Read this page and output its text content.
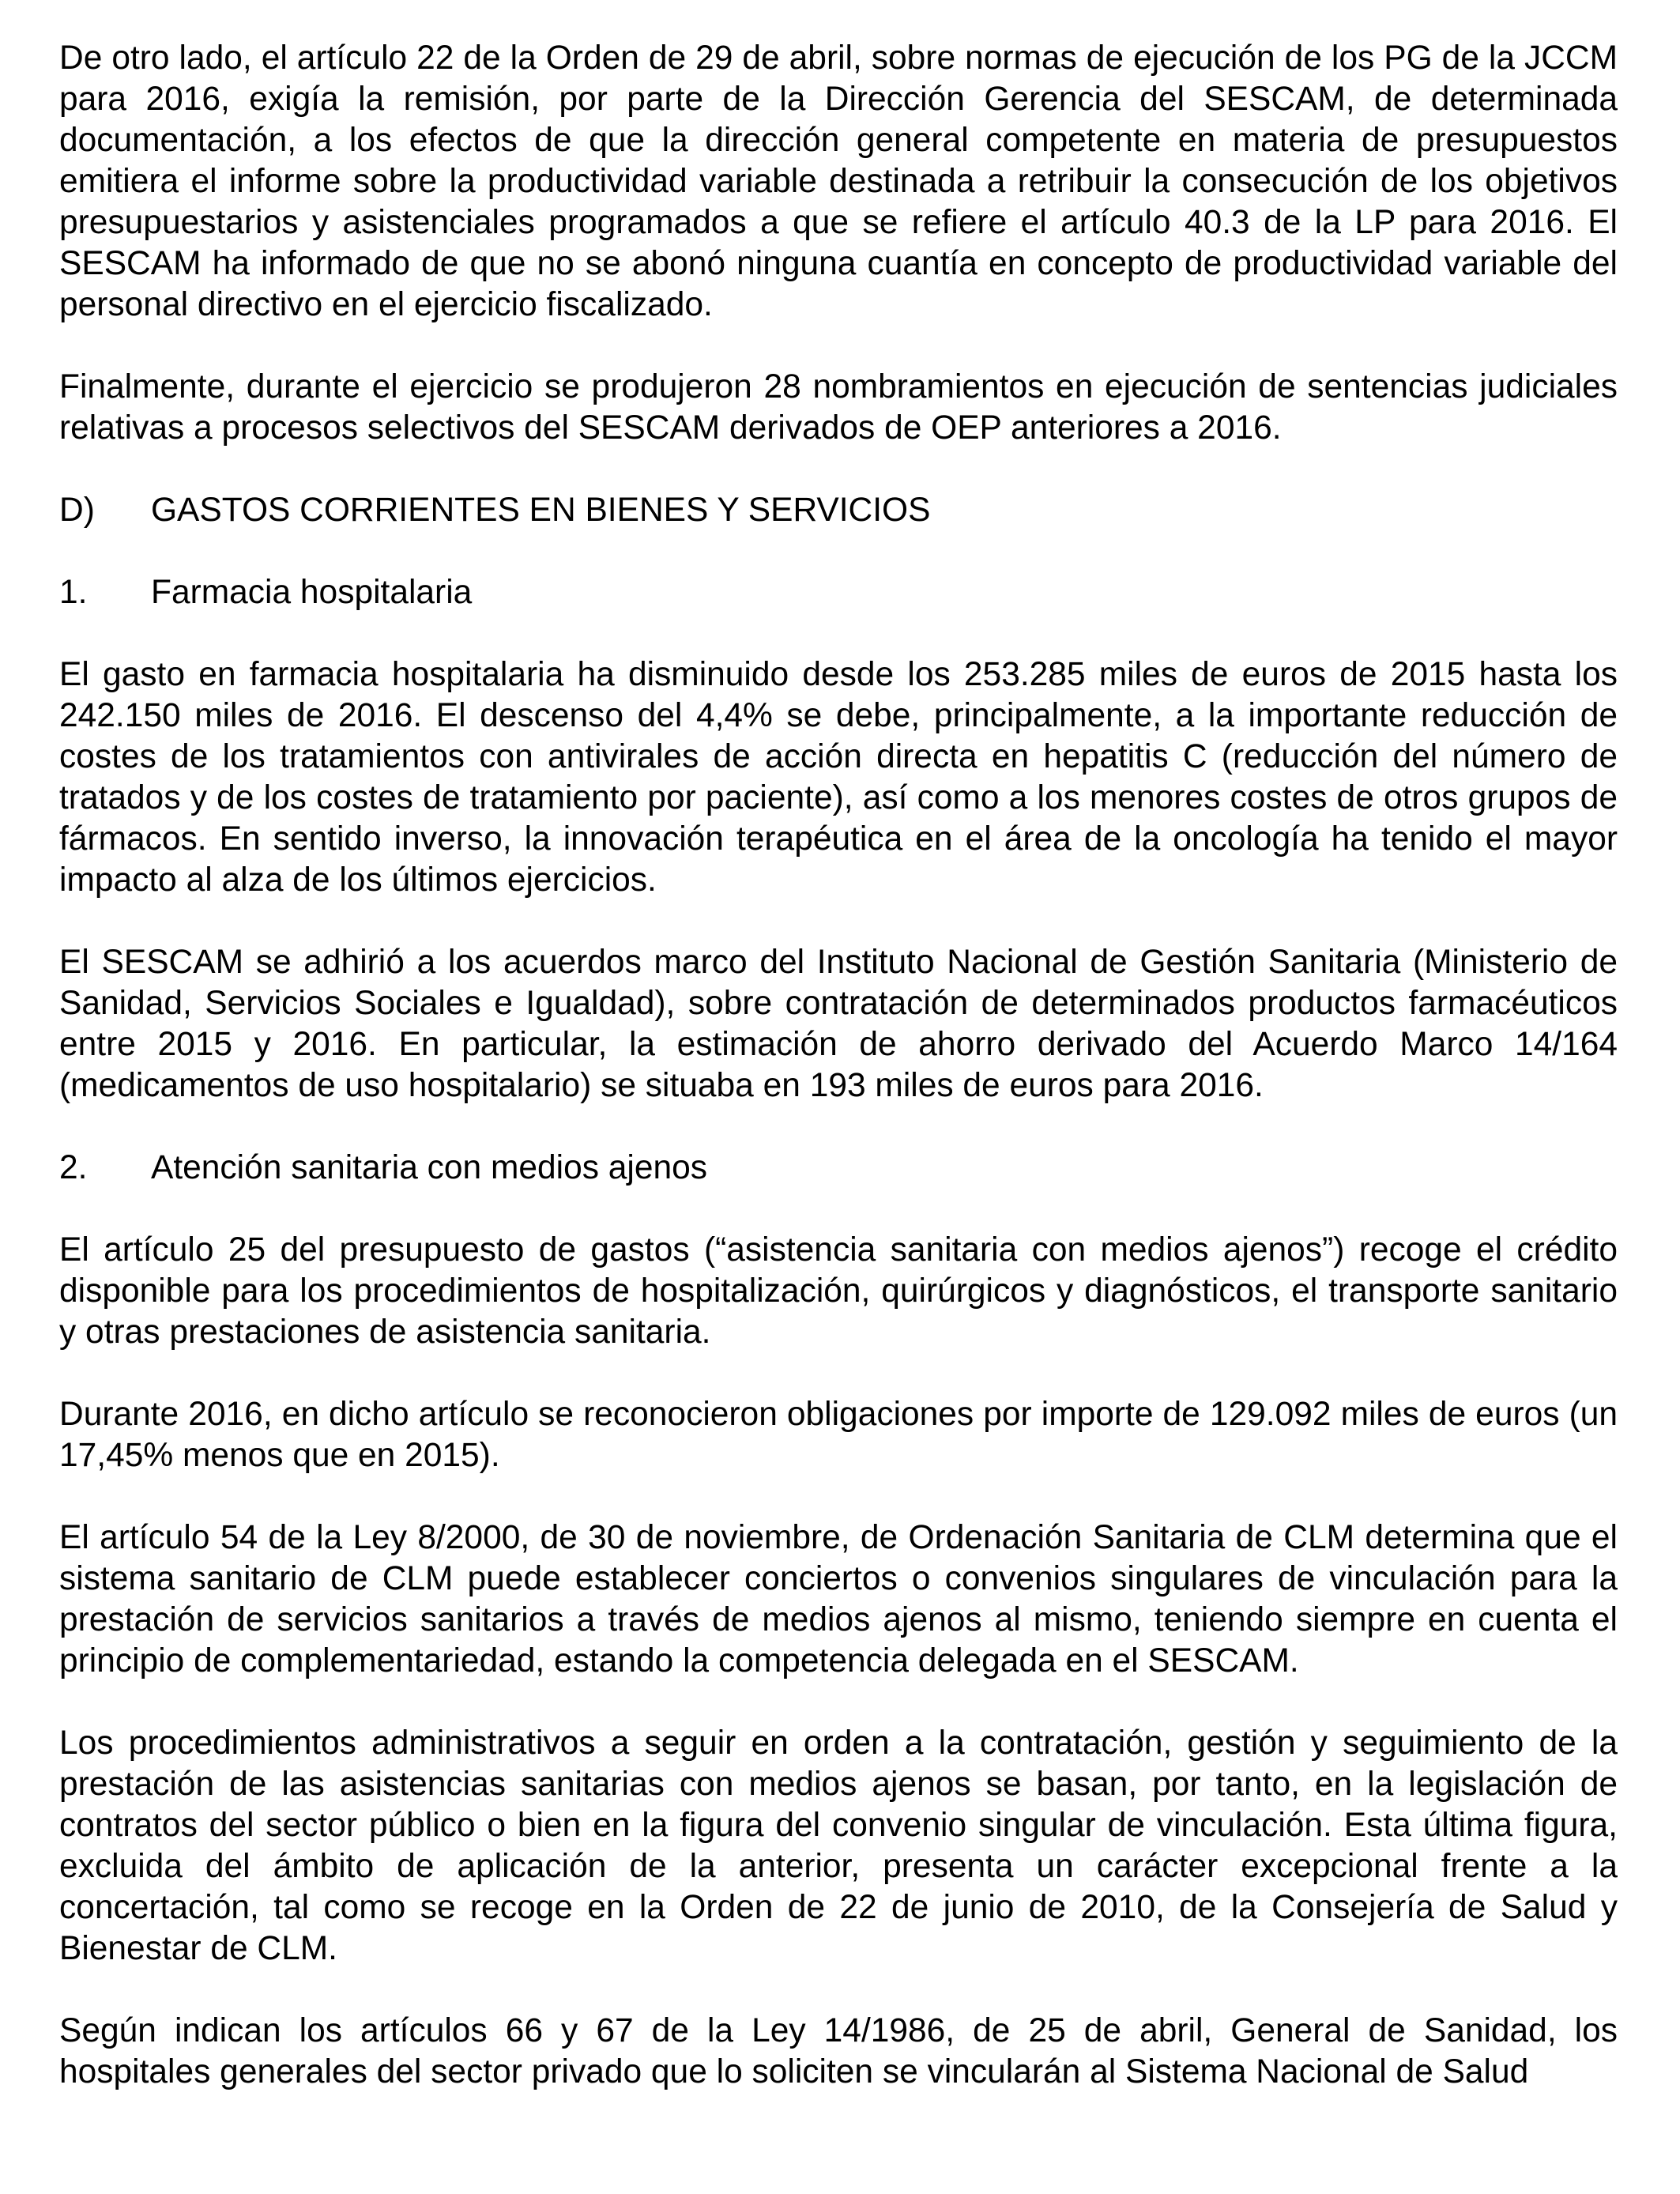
De otro lado, el artículo 22 de la Orden de 29 de abril, sobre normas de ejecución de los PG de la JCCM para 2016, exigía la remisión, por parte de la Dirección Gerencia del SESCAM, de determinada documentación, a los efectos de que la dirección general competente en materia de presupuestos emitiera el informe sobre la productividad variable destinada a retribuir la consecución de los objetivos presupuestarios y asistenciales programados a que se refiere el artículo 40.3 de la LP para 2016. El SESCAM ha informado de que no se abonó ninguna cuantía en concepto de productividad variable del personal directivo en el ejercicio fiscalizado.

Finalmente, durante el ejercicio se produjeron 28 nombramientos en ejecución de sentencias judiciales relativas a procesos selectivos del SESCAM derivados de OEP anteriores a 2016.

D)	GASTOS CORRIENTES EN BIENES Y SERVICIOS
1.	Farmacia hospitalaria

El gasto en farmacia hospitalaria ha disminuido desde los 253.285 miles de euros de 2015 hasta los 242.150 miles de 2016. El descenso del 4,4% se debe, principalmente, a la importante reducción de costes de los tratamientos con antivirales de acción directa en hepatitis C (reducción del número de tratados y de los costes de tratamiento por paciente), así como a los menores costes de otros grupos de fármacos. En sentido inverso, la innovación terapéutica en el área de la oncología ha tenido el mayor impacto al alza de los últimos ejercicios.

El SESCAM se adhirió a los acuerdos marco del Instituto Nacional de Gestión Sanitaria (Ministerio de Sanidad, Servicios Sociales e Igualdad), sobre contratación de determinados productos farmacéuticos entre 2015 y 2016. En particular, la estimación de ahorro derivado del Acuerdo Marco 14/164 (medicamentos de uso hospitalario) se situaba en 193 miles de euros para 2016.

2.	Atención sanitaria con medios ajenos

El artículo 25 del presupuesto de gastos (“asistencia sanitaria con medios ajenos”) recoge el crédito disponible para los procedimientos de hospitalización, quirúrgicos y diagnósticos, el transporte sanitario y otras prestaciones de asistencia sanitaria.

Durante 2016, en dicho artículo se reconocieron obligaciones por importe de 129.092 miles de euros (un 17,45% menos que en 2015).

El artículo 54 de la Ley 8/2000, de 30 de noviembre, de Ordenación Sanitaria de CLM determina que el sistema sanitario de CLM puede establecer conciertos o convenios singulares de vinculación para la prestación de servicios sanitarios a través de medios ajenos al mismo, teniendo siempre en cuenta el principio de complementariedad, estando la competencia delegada en el SESCAM.

Los procedimientos administrativos a seguir en orden a la contratación, gestión y seguimiento de la prestación de las asistencias sanitarias con medios ajenos se basan, por tanto, en la legislación de contratos del sector público o bien en la figura del convenio singular de vinculación. Esta última figura, excluida del ámbito de aplicación de la anterior, presenta un carácter excepcional frente a la concertación, tal como se recoge en la Orden de 22 de junio de 2010, de la Consejería de Salud y Bienestar de CLM.

Según indican los artículos 66 y 67 de la Ley 14/1986, de 25 de abril, General de Sanidad, los hospitales generales del sector privado que lo soliciten se vincularán al Sistema Nacional de Salud
